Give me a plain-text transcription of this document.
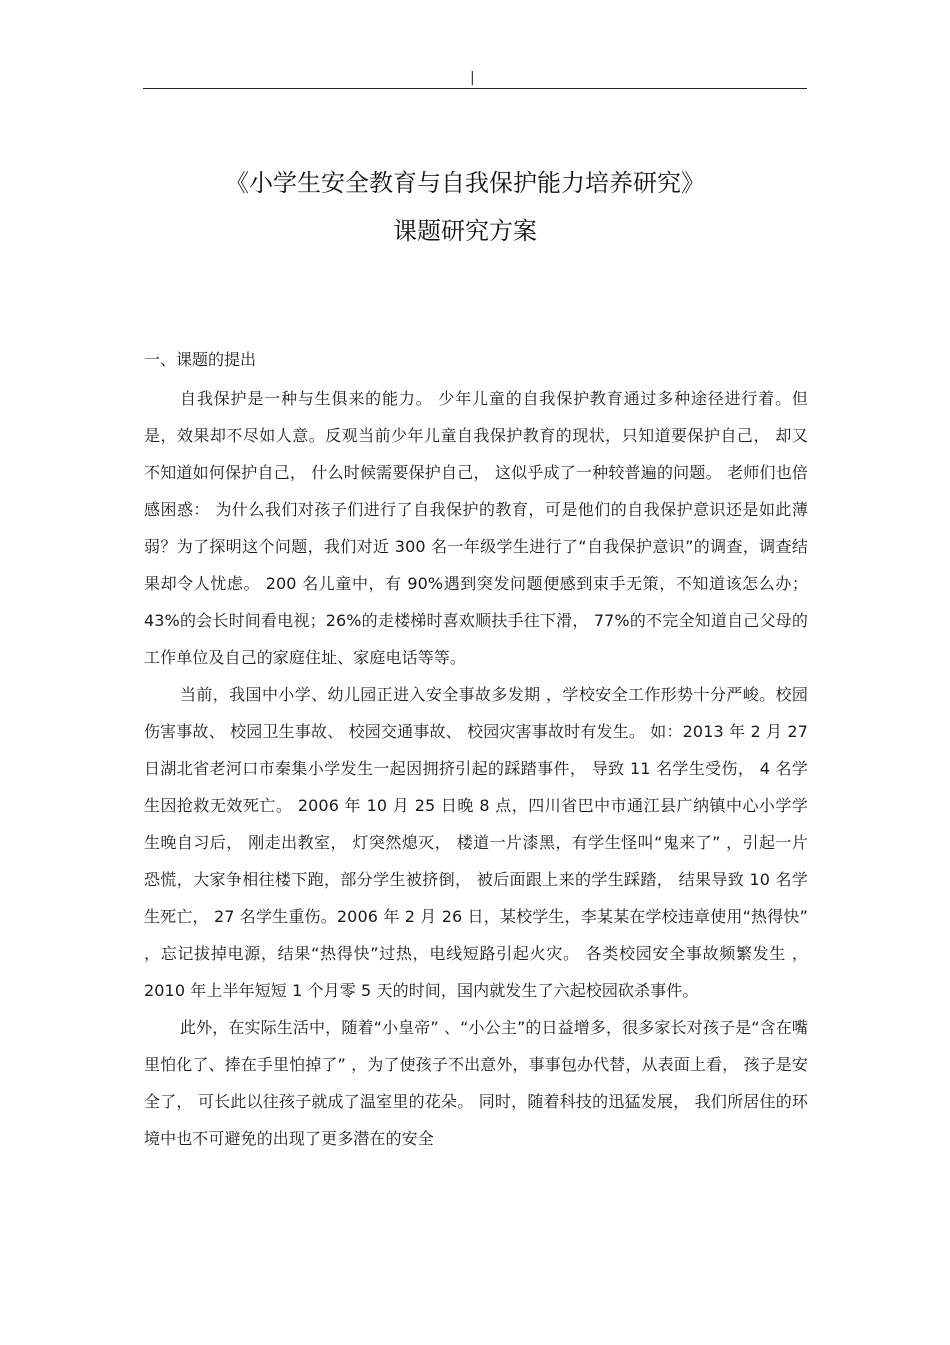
|
《小学生安全教育与自我保护能力培养研究》
课题研究方案
一、课题的提出

自我保护是一种与生俱来的能力。 少年儿童的自我保护教育通过多种途径进行着。但是，效果却不尽如人意。反观当前少年儿童自我保护教育的现状，只知道要保护自己， 却又不知道如何保护自己， 什么时候需要保护自己， 这似乎成了一种较普遍的问题。 老师们也倍感困惑： 为什么我们对孩子们进行了自我保护的教育，可是他们的自我保护意识还是如此薄弱？为了探明这个问题，我们对近 300 名一年级学生进行了“自我保护意识”的调查，调查结果却令人忧虑。 200 名儿童中，有 90%遇到突发问题便感到束手无策，不知道该怎么办； 43%的会长时间看电视；26%的走楼梯时喜欢顺扶手往下滑， 77%的不完全知道自己父母的工作单位及自己的家庭住址、家庭电话等等。

当前，我国中小学、幼儿园正进入安全事故多发期 ，学校安全工作形势十分严峻。校园伤害事故、 校园卫生事故、 校园交通事故、 校园灾害事故时有发生。 如：2013 年 2 月 27 日湖北省老河口市秦集小学发生一起因拥挤引起的踩踏事件， 导致 11 名学生受伤， 4 名学生因抢救无效死亡。 2006 年 10 月 25 日晚 8 点，四川省巴中市通江县广纳镇中心小学学生晚自习后， 刚走出教室， 灯突然熄灭， 楼道一片漆黑，有学生怪叫“鬼来了” ，引起一片恐慌，大家争相往楼下跑，部分学生被挤倒， 被后面跟上来的学生踩踏， 结果导致 10 名学生死亡， 27 名学生重伤。2006 年 2 月 26 日，某校学生，李某某在学校违章使用“热得快” ，忘记拔掉电源，结果“热得快”过热，电线短路引起火灾。 各类校园安全事故频繁发生 ，2010 年上半年短短 1 个月零 5 天的时间，国内就发生了六起校园砍杀事件。

此外，在实际生活中，随着“小皇帝” 、“小公主”的日益增多，很多家长对孩子是“含在嘴里怕化了、捧在手里怕掉了” ，为了使孩子不出意外，事事包办代替，从表面上看， 孩子是安全了， 可长此以往孩子就成了温室里的花朵。 同时，随着科技的迅猛发展， 我们所居住的环境中也不可避免的出现了更多潜在的安全
